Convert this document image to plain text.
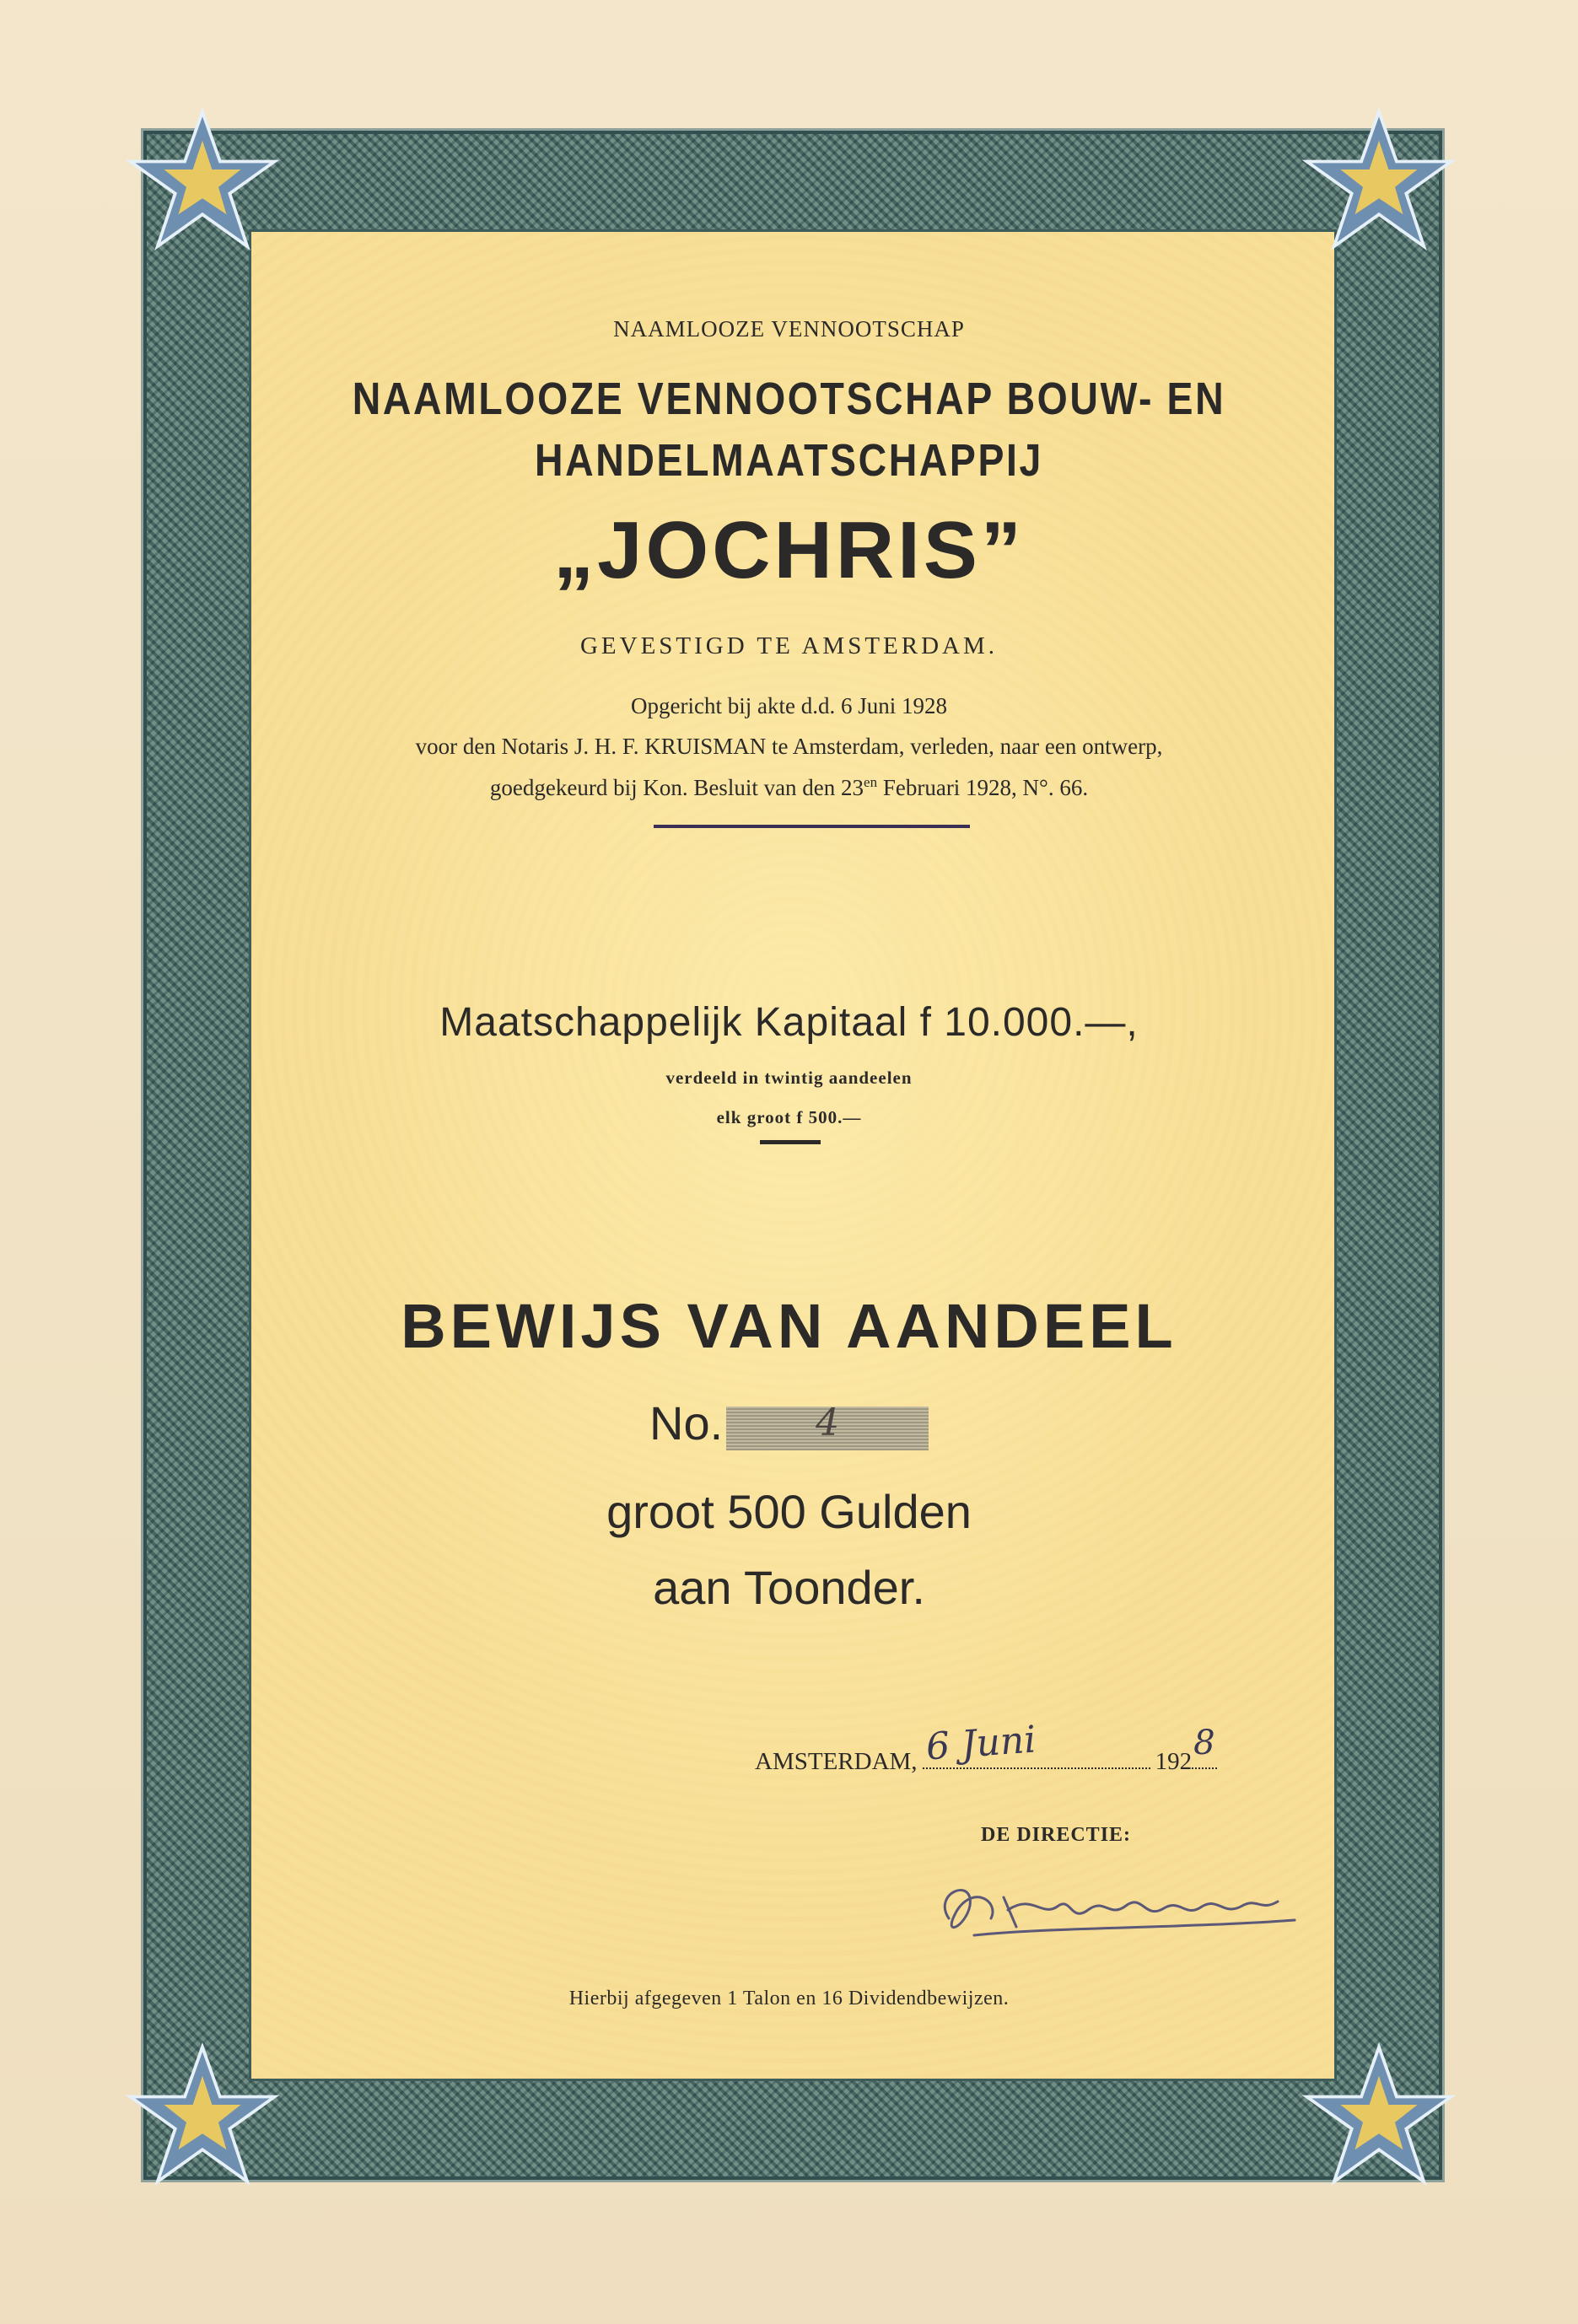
NAAMLOOZE VENNOOTSCHAP
NAAMLOOZE VENNOOTSCHAP BOUW- EN
HANDELMAATSCHAPPIJ
„JOCHRIS”
GEVESTIGD TE AMSTERDAM.
Opgericht bij akte d.d. 6 Juni 1928
voor den Notaris J. H. F. KRUISMAN te Amsterdam, verleden, naar een ontwerp,
goedgekeurd bij Kon. Besluit van den $23^{en}$ Februari 1928, N°. 66.
Maatschappelijk Kapitaal f 10.000.—,
verdeeld in twintig aandeelen
elk groot f 500.—
BEWIJS VAN AANDEEL
No.	4
groot 500 Gulden
aan Toonder.
AMSTERDAM, 6 Juni	192 8
DE DIRECTIE:
Hierbij afgegeven 1 Talon en 16 Dividendbewijzen.
